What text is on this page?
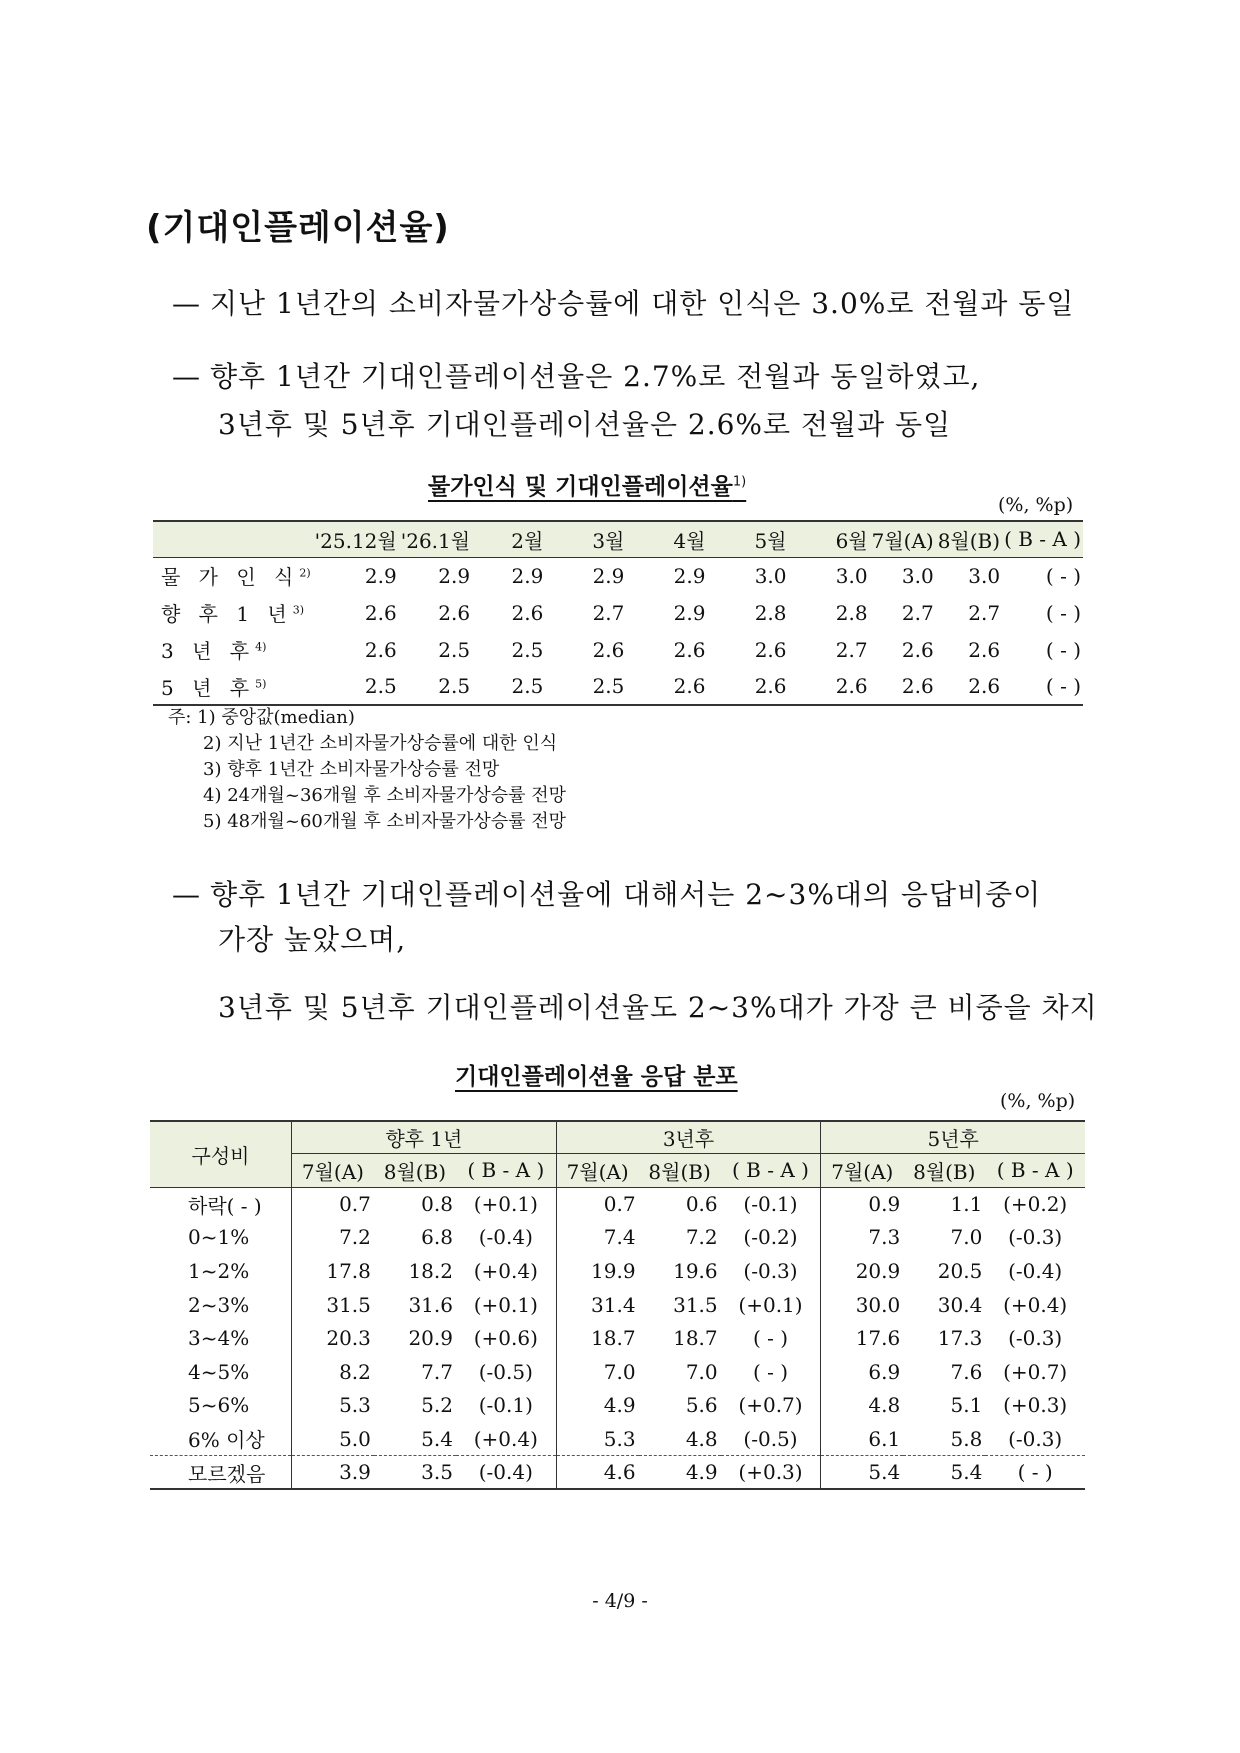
(기대인플레이션율)
— 지난 1년간의 소비자물가상승률에 대한 인식은 3.0%로 전월과 동일
— 향후 1년간 기대인플레이션율은 2.7%로 전월과 동일하였고,
3년후 및 5년후 기대인플레이션율은 2.6%로 전월과 동일
물가인식 및 기대인플레이션율$^{1)}$
(%, %p)
	'25.12월	'26.1월	2월	3월	4월	5월	6월	7월(A)	8월(B)	( B - A )
물 가 인 식$^{2)}$	2.9	2.9	2.9	2.9	2.9	3.0	3.0	3.0	3.0	( - )
향 후 1 년$^{3)}$	2.6	2.6	2.6	2.7	2.9	2.8	2.8	2.7	2.7	( - )
3 년 후$^{4)}$	2.6	2.5	2.5	2.6	2.6	2.6	2.7	2.6	2.6	( - )
5 년 후$^{5)}$	2.5	2.5	2.5	2.5	2.6	2.6	2.6	2.6	2.6	( - )
주: 1) 중앙값(median)
2) 지난 1년간 소비자물가상승률에 대한 인식
3) 향후 1년간 소비자물가상승률 전망
4) 24개월~36개월 후 소비자물가상승률 전망
5) 48개월~60개월 후 소비자물가상승률 전망
— 향후 1년간 기대인플레이션율에 대해서는 2~3%대의 응답비중이
가장 높았으며,
3년후 및 5년후 기대인플레이션율도 2~3%대가 가장 큰 비중을 차지
기대인플레이션율 응답 분포
(%, %p)
구성비	향후 1년			3년후			5년후		
	7월(A)	8월(B)	( B - A )	7월(A)	8월(B)	( B - A )	7월(A)	8월(B)	( B - A )
하락( - )	0.7	0.8	(+0.1)	0.7	0.6	(-0.1)	0.9	1.1	(+0.2)
0~1%	7.2	6.8	(-0.4)	7.4	7.2	(-0.2)	7.3	7.0	(-0.3)
1~2%	17.8	18.2	(+0.4)	19.9	19.6	(-0.3)	20.9	20.5	(-0.4)
2~3%	31.5	31.6	(+0.1)	31.4	31.5	(+0.1)	30.0	30.4	(+0.4)
3~4%	20.3	20.9	(+0.6)	18.7	18.7	( - )	17.6	17.3	(-0.3)
4~5%	8.2	7.7	(-0.5)	7.0	7.0	( - )	6.9	7.6	(+0.7)
5~6%	5.3	5.2	(-0.1)	4.9	5.6	(+0.7)	4.8	5.1	(+0.3)
6% 이상	5.0	5.4	(+0.4)	5.3	4.8	(-0.5)	6.1	5.8	(-0.3)
모르겠음	3.9	3.5	(-0.4)	4.6	4.9	(+0.3)	5.4	5.4	( - )
- 4/9 -
